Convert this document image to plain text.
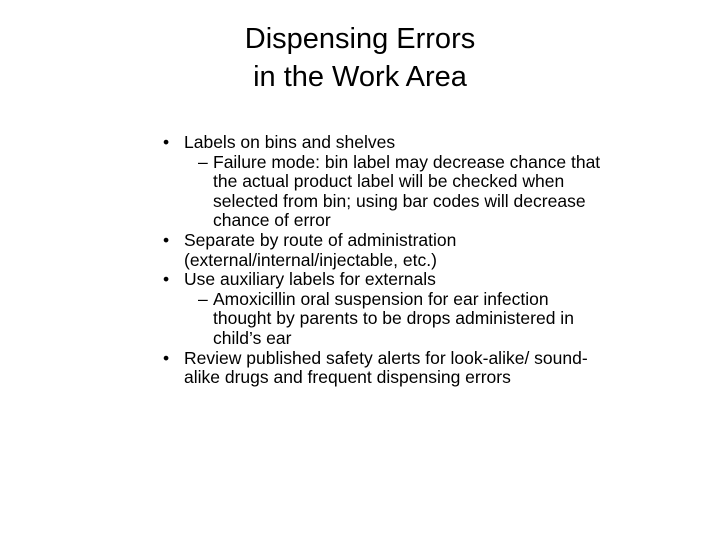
Dispensing Errors
in the Work Area
• Labels on bins and shelves
– Failure mode: bin label may decrease chance that the actual product label will be checked when selected from bin; using bar codes will decrease chance of error
• Separate by route of administration (external/internal/injectable, etc.)
• Use auxiliary labels for externals
– Amoxicillin oral suspension for ear infection thought by parents to be drops administered in child’s ear
• Review published safety alerts for look-alike/ sound-alike drugs and frequent dispensing errors
